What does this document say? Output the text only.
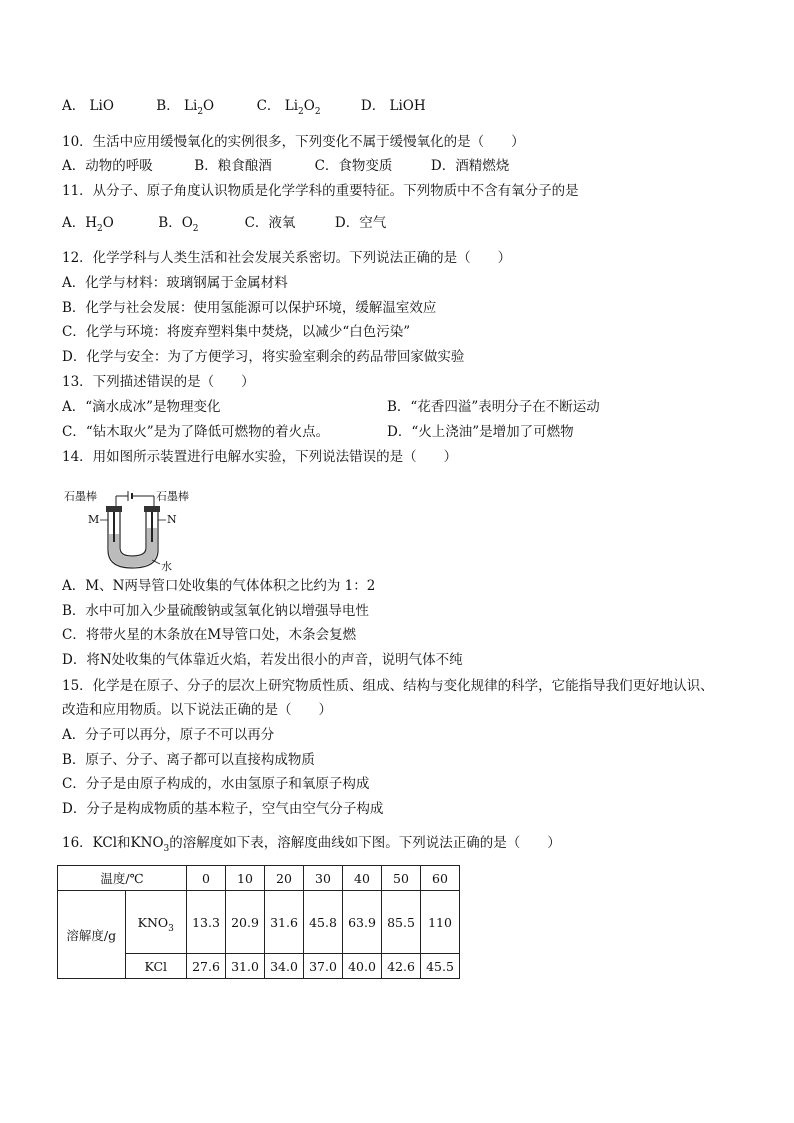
A． LiO	B． $Li_2O$	C． $Li_2O_2$	D． LiOH
10．生活中应用缓慢氧化的实例很多，下列变化不属于缓慢氧化的是（　　）
A．动物的呼吸	B．粮食酿酒	C．食物变质	D．酒精燃烧
11．从分子、原子角度认识物质是化学学科的重要特征。下列物质中不含有氧分子的是
A．$H_2O$	B．$O_2$	C．液氧	D．空气
12．化学学科与人类生活和社会发展关系密切。下列说法正确的是（　　）
A．化学与材料：玻璃钢属于金属材料
B．化学与社会发展：使用氢能源可以保护环境，缓解温室效应
C．化学与环境：将废弃塑料集中焚烧，以减少“白色污染”
D．化学与安全：为了方便学习，将实验室剩余的药品带回家做实验
13．下列描述错误的是（　　）
A．“滴水成冰”是物理变化	B．“花香四溢”表明分子在不断运动
C．“钻木取火”是为了降低可燃物的着火点。	D．“火上浇油”是增加了可燃物
14．用如图所示装置进行电解水实验，下列说法错误的是（　　）
石墨棒	石墨棒
M	N
水
A．M、N两导管口处收集的气体体积之比约为 1：2
B．水中可加入少量硫酸钠或氢氧化钠以增强导电性
C．将带火星的木条放在M导管口处，木条会复燃
D．将N处收集的气体靠近火焰，若发出很小的声音，说明气体不纯
15．化学是在原子、分子的层次上研究物质性质、组成、结构与变化规律的科学，它能指导我们更好地认识、
改造和应用物质。以下说法正确的是（　　）
A．分子可以再分，原子不可以再分
B．原子、分子、离子都可以直接构成物质
C．分子是由原子构成的，水由氢原子和氧原子构成
D．分子是构成物质的基本粒子，空气由空气分子构成
16．KCl和$KNO_3$的溶解度如下表，溶解度曲线如下图。下列说法正确的是（　　）
温度/℃		0	10	20	30	40	50	60
溶解度/g	$KNO_3$	13.3	20.9	31.6	45.8	63.9	85.5	110
	KCl	27.6	31.0	34.0	37.0	40.0	42.6	45.5
